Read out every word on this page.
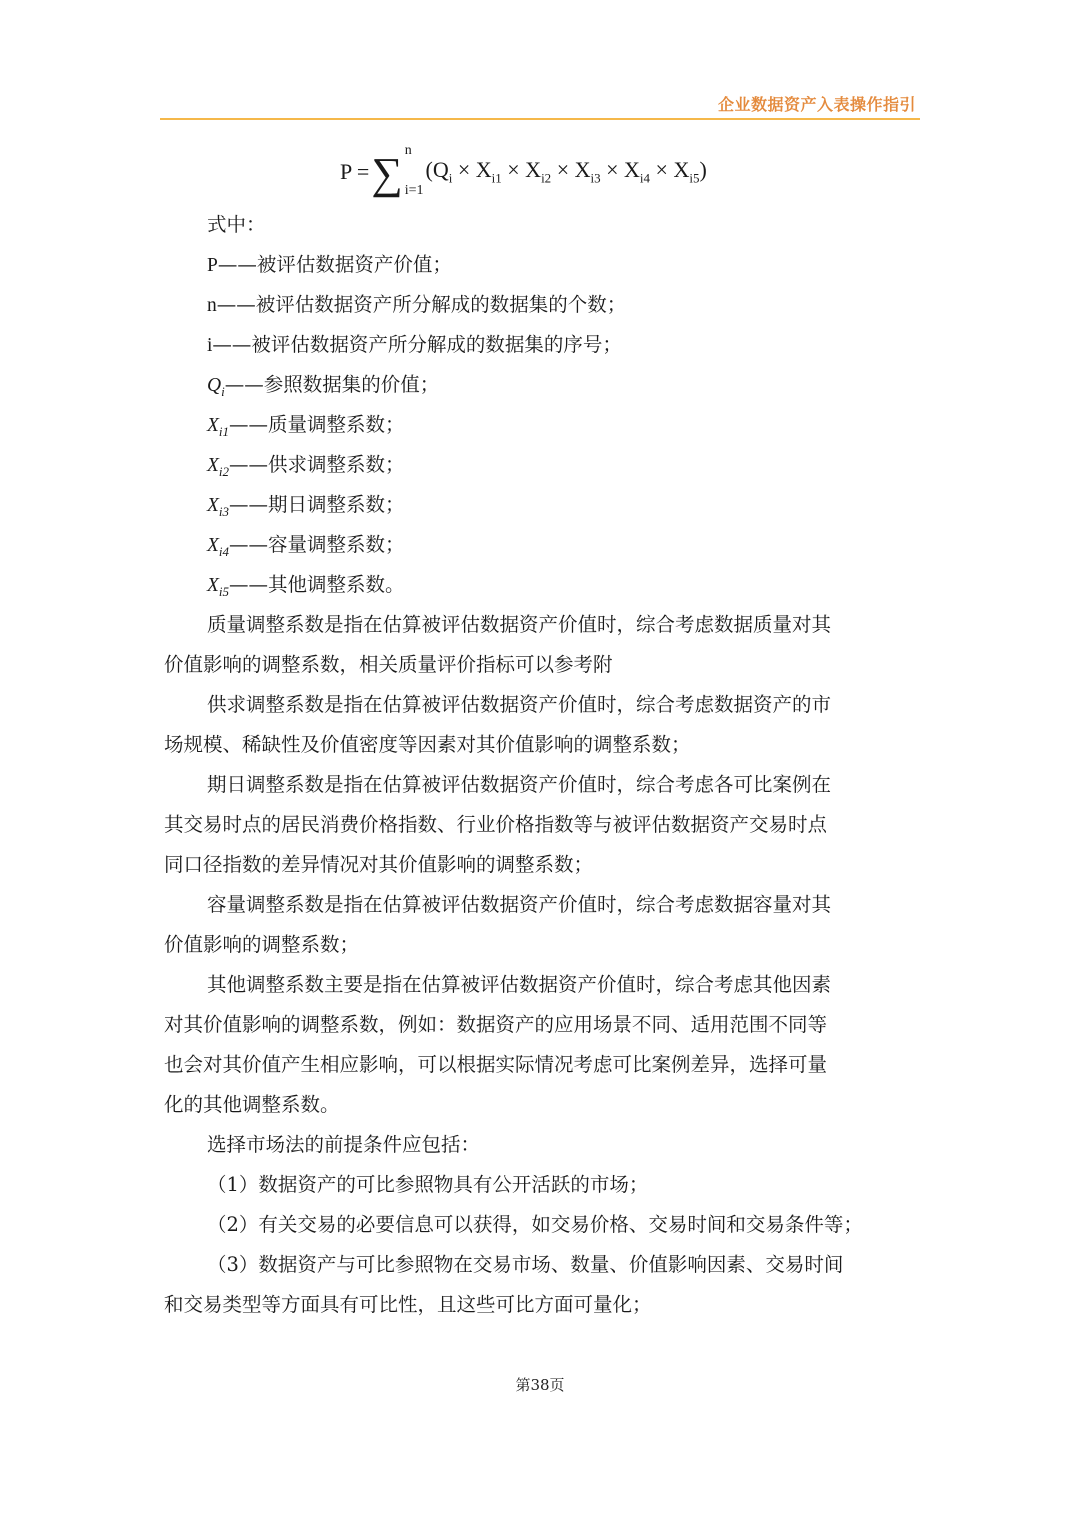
企业数据资产入表操作指引
P = ∑ n
i=1
$(Q_i \times X_{i1} \times X_{i2} \times X_{i3} \times X_{i4} \times X_{i5})$
式中：
P——被评估数据资产价值；
n——被评估数据资产所分解成的数据集的个数；
i——被评估数据资产所分解成的数据集的序号；
$Q_i——$参照数据集的价值；
$X_{i1}——$质量调整系数；
$X_{i2}——$供求调整系数；
$X_{i3}——$期日调整系数；
$X_{i4}——$容量调整系数；
$X_{i5}——$其他调整系数。
质量调整系数是指在估算被评估数据资产价值时，综合考虑数据质量对其
价值影响的调整系数，相关质量评价指标可以参考附
供求调整系数是指在估算被评估数据资产价值时，综合考虑数据资产的市
场规模、稀缺性及价值密度等因素对其价值影响的调整系数；
期日调整系数是指在估算被评估数据资产价值时，综合考虑各可比案例在
其交易时点的居民消费价格指数、行业价格指数等与被评估数据资产交易时点
同口径指数的差异情况对其价值影响的调整系数；
容量调整系数是指在估算被评估数据资产价值时，综合考虑数据容量对其
价值影响的调整系数；
其他调整系数主要是指在估算被评估数据资产价值时，综合考虑其他因素
对其价值影响的调整系数，例如：数据资产的应用场景不同、适用范围不同等
也会对其价值产生相应影响，可以根据实际情况考虑可比案例差异，选择可量
化的其他调整系数。
选择市场法的前提条件应包括：
（1）数据资产的可比参照物具有公开活跃的市场；
（2）有关交易的必要信息可以获得，如交易价格、交易时间和交易条件等；
（3）数据资产与可比参照物在交易市场、数量、价值影响因素、交易时间
和交易类型等方面具有可比性，且这些可比方面可量化；
第38页
